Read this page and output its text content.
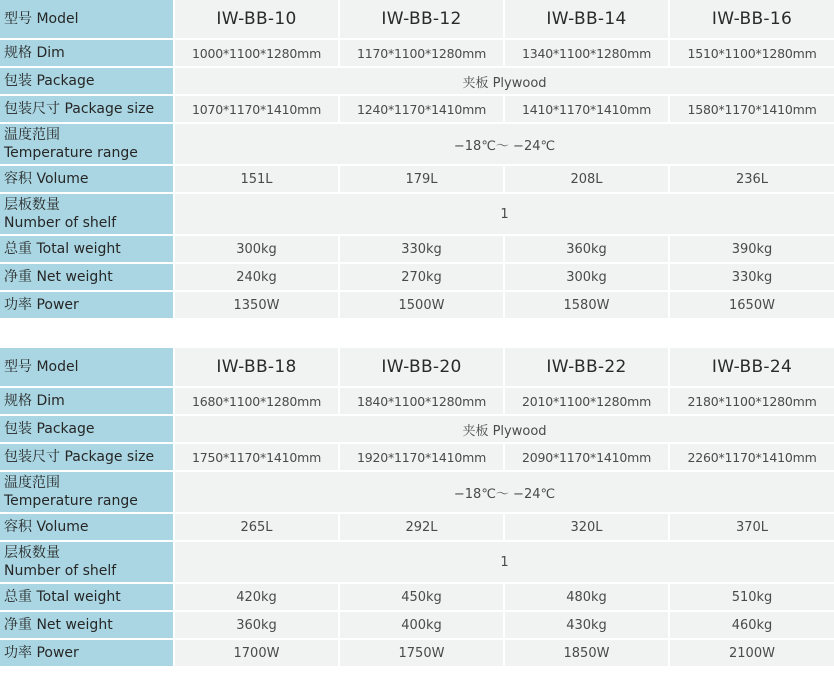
型号 Model	IW-BB-10	IW-BB-12	IW-BB-14	IW-BB-16
规格 Dim	1000*1100*1280mm	1170*1100*1280mm	1340*1100*1280mm	1510*1100*1280mm
包装 Package	夹板 Plywood			
包装尺寸 Package size	1070*1170*1410mm	1240*1170*1410mm	1410*1170*1410mm	1580*1170*1410mm

温度范围
Temperature range	−18℃～ −24℃			
容积 Volume	151L	179L	208L	236L

层板数量
Number of shelf	1			
总重 Total weight	300kg	330kg	360kg	390kg
净重 Net weight	240kg	270kg	300kg	330kg
功率 Power	1350W	1500W	1580W	1650W
型号 Model	IW-BB-18	IW-BB-20	IW-BB-22	IW-BB-24
规格 Dim	1680*1100*1280mm	1840*1100*1280mm	2010*1100*1280mm	2180*1100*1280mm
包装 Package	夹板 Plywood			
包装尺寸 Package size	1750*1170*1410mm	1920*1170*1410mm	2090*1170*1410mm	2260*1170*1410mm

温度范围
Temperature range	−18℃～ −24℃			
容积 Volume	265L	292L	320L	370L

层板数量
Number of shelf	1			
总重 Total weight	420kg	450kg	480kg	510kg
净重 Net weight	360kg	400kg	430kg	460kg
功率 Power	1700W	1750W	1850W	2100W
